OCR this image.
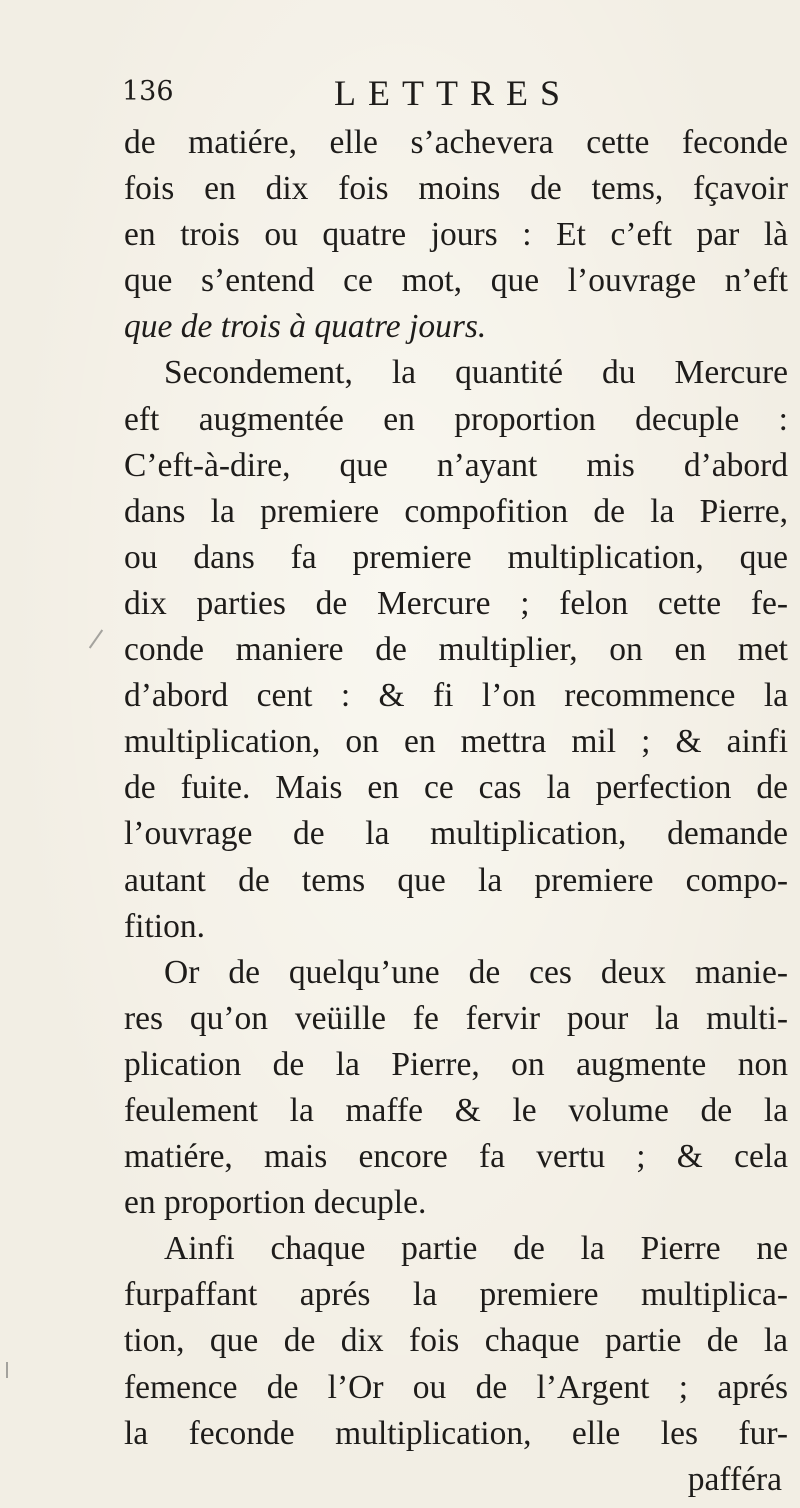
136	LETTRES
de matiére, elle s’achevera cette feconde
fois en dix fois moins de tems, fçavoir
en trois ou quatre jours : Et c’eft par là
que s’entend ce mot, que l’ouvrage n’eft
que de trois à quatre jours.
Secondement, la quantité du Mercure
eft augmentée en proportion decuple :
C’eft-à-dire, que n’ayant mis d’abord
dans la premiere compofition de la Pierre,
ou dans fa premiere multiplication, que
dix parties de Mercure ; felon cette fe-
conde maniere de multiplier, on en met
d’abord cent : & fi l’on recommence la
multiplication, on en mettra mil ; & ainfi
de fuite. Mais en ce cas la perfection de
l’ouvrage de la multiplication, demande
autant de tems que la premiere compo-
fition.
Or de quelqu’une de ces deux manie-
res qu’on veüille fe fervir pour la multi-
plication de la Pierre, on augmente non
feulement la maffe & le volume de la
matiére, mais encore fa vertu ; & cela
en proportion decuple.
Ainfi chaque partie de la Pierre ne
furpaffant aprés la premiere multiplica-
tion, que de dix fois chaque partie de la
femence de l’Or ou de l’Argent ; aprés
la feconde multiplication, elle les fur-
pafféra
